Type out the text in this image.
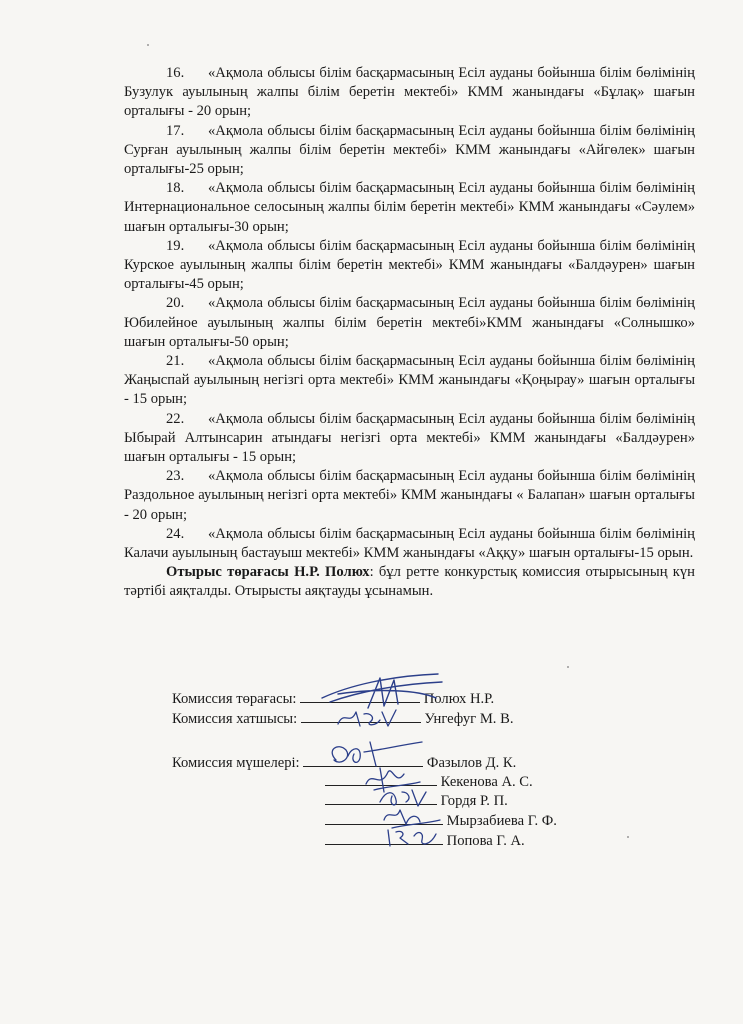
16. «Ақмола облысы білім басқармасының Есіл ауданы бойынша білім бөлімінің Бузулук ауылының жалпы білім беретін мектебі» КММ жанындағы «Бұлақ» шағын орталығы - 20 орын;

17. «Ақмола облысы білім басқармасының Есіл ауданы бойынша білім бөлімінің Сурған ауылының жалпы білім беретін мектебі» КММ жанындағы «Айгөлек» шағын орталығы-25 орын;

18. «Ақмола облысы білім басқармасының Есіл ауданы бойынша білім бөлімінің Интернациональное селосының жалпы білім беретін мектебі» КММ жанындағы «Сәулем» шағын орталығы-30 орын;

19. «Ақмола облысы білім басқармасының Есіл ауданы бойынша білім бөлімінің Курское ауылының жалпы білім беретін мектебі» КММ жанындағы «Балдәурен» шағын орталығы-45 орын;

20. «Ақмола облысы білім басқармасының Есіл ауданы бойынша білім бөлімінің Юбилейное ауылының жалпы білім беретін мектебі»КММ жанындағы «Солнышко» шағын орталығы-50 орын;

21. «Ақмола облысы білім басқармасының Есіл ауданы бойынша білім бөлімінің Жаңыспай ауылының негізгі орта мектебі» КММ жанындағы «Қоңырау» шағын орталығы - 15 орын;

22. «Ақмола облысы білім басқармасының Есіл ауданы бойынша білім бөлімінің Ыбырай Алтынсарин атындағы негізгі орта мектебі» КММ жанындағы «Балдәурен» шағын орталығы - 15 орын;

23. «Ақмола облысы білім басқармасының Есіл ауданы бойынша білім бөлімінің Раздольное ауылының негізгі орта мектебі» КММ жанындағы « Балапан» шағын орталығы - 20 орын;

24. «Ақмола облысы білім басқармасының Есіл ауданы бойынша білім бөлімінің Калачи ауылының бастауыш мектебі» КММ жанындағы «Аққу» шағын орталығы-15 орын.

Отырыс төрағасы Н.Р. Полюх: бұл ретте конкурстық комиссия отырысының күн тәртібі аяқталды. Отырысты аяқтауды ұсынамын.

Комиссия төрағасы:	Полюх Н.Р.
Комиссия хатшысы:	Унгефуг М. В.
Комиссия мүшелері:	Фазылов Д. К.
Кекенова А. С.
Гордя Р. П.
Мырзабиева Г. Ф.
Попова Г. А.
